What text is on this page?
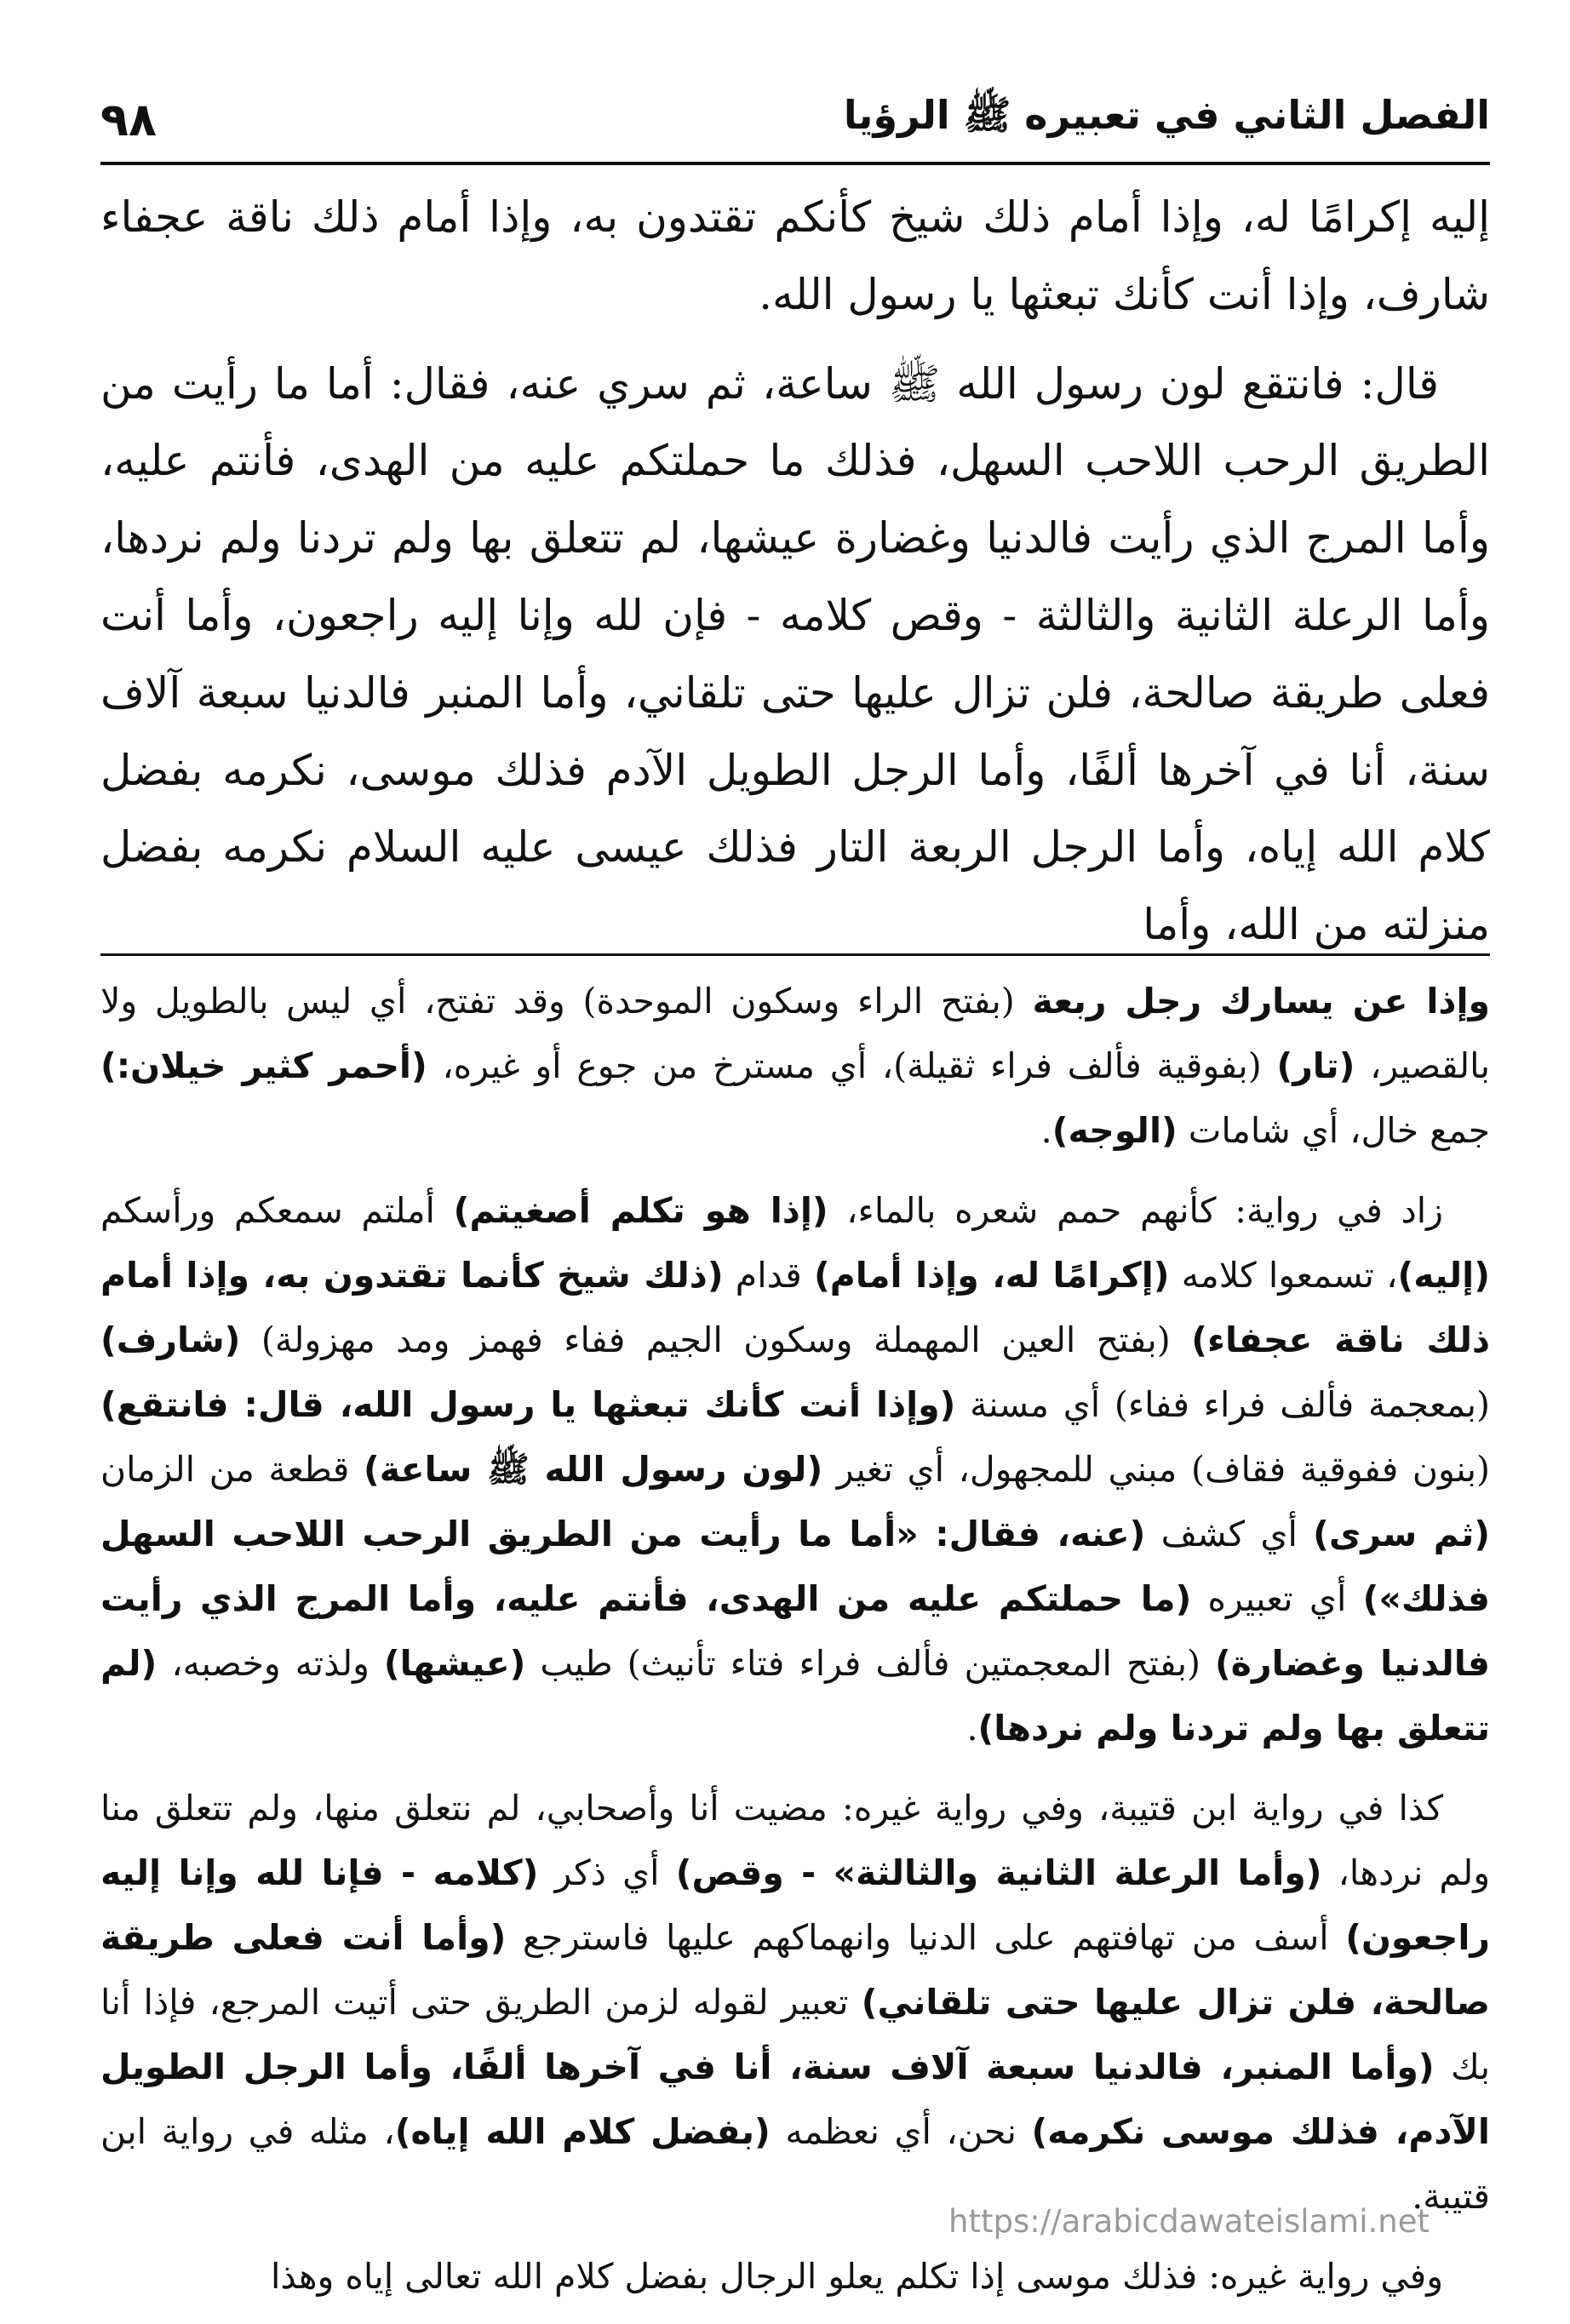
الفصل الثاني في تعبيره ﷺ الرؤيا
٩٨

إليه إكرامًا له، وإذا أمام ذلك شيخ كأنكم تقتدون به، وإذا أمام ذلك ناقة عجفاء شارف، وإذا أنت كأنك تبعثها يا رسول الله.

قال: فانتقع لون رسول الله ﷺ ساعة، ثم سري عنه، فقال: أما ما رأيت من الطريق الرحب اللاحب السهل، فذلك ما حملتكم عليه من الهدى، فأنتم عليه، وأما المرج الذي رأيت فالدنيا وغضارة عيشها، لم تتعلق بها ولم تردنا ولم نردها، وأما الرعلة الثانية والثالثة - وقص كلامه - فإن لله وإنا إليه راجعون، وأما أنت فعلى طريقة صالحة، فلن تزال عليها حتى تلقاني، وأما المنبر فالدنيا سبعة آلاف سنة، أنا في آخرها ألفًا، وأما الرجل الطويل الآدم فذلك موسى، نكرمه بفضل كلام الله إياه، وأما الرجل الربعة التار فذلك عيسى عليه السلام نكرمه بفضل منزلته من الله، وأما

وإذا عن يسارك رجل ربعة (بفتح الراء وسكون الموحدة) وقد تفتح، أي ليس بالطويل ولا بالقصير، (تار) (بفوقية فألف فراء ثقيلة)، أي مسترخ من جوع أو غيره، (أحمر كثير خيلان:) جمع خال، أي شامات (الوجه).

زاد في رواية: كأنهم حمم شعره بالماء، (إذا هو تكلم أصغيتم) أملتم سمعكم ورأسكم (إليه)، تسمعوا كلامه (إكرامًا له، وإذا أمام) قدام (ذلك شيخ كأنما تقتدون به، وإذا أمام ذلك ناقة عجفاء) (بفتح العين المهملة وسكون الجيم ففاء فهمز ومد مهزولة) (شارف) (بمعجمة فألف فراء ففاء) أي مسنة (وإذا أنت كأنك تبعثها يا رسول الله، قال: فانتقع) (بنون ففوقية فقاف) مبني للمجهول، أي تغير (لون رسول الله ﷺ ساعة) قطعة من الزمان (ثم سرى) أي كشف (عنه، فقال: «أما ما رأيت من الطريق الرحب اللاحب السهل فذلك») أي تعبيره (ما حملتكم عليه من الهدى، فأنتم عليه، وأما المرج الذي رأيت فالدنيا وغضارة) (بفتح المعجمتين فألف فراء فتاء تأنيث) طيب (عيشها) ولذته وخصبه، (لم تتعلق بها ولم تردنا ولم نردها).

كذا في رواية ابن قتيبة، وفي رواية غيره: مضيت أنا وأصحابي، لم نتعلق منها، ولم تتعلق منا ولم نردها، (وأما الرعلة الثانية والثالثة» - وقص) أي ذكر (كلامه - فإنا لله وإنا إليه راجعون) أسف من تهافتهم على الدنيا وانهماكهم عليها فاسترجع (وأما أنت فعلى طريقة صالحة، فلن تزال عليها حتى تلقاني) تعبير لقوله لزمن الطريق حتى أتيت المرجع، فإذا أنا بك (وأما المنبر، فالدنيا سبعة آلاف سنة، أنا في آخرها ألفًا، وأما الرجل الطويل الآدم، فذلك موسى نكرمه) نحن، أي نعظمه (بفضل كلام الله إياه)، مثله في رواية ابن قتيبة.

وفي رواية غيره: فذلك موسى إذا تكلم يعلو الرجال بفضل كلام الله تعالى إياه وهذا

https://arabicdawateislami.net
